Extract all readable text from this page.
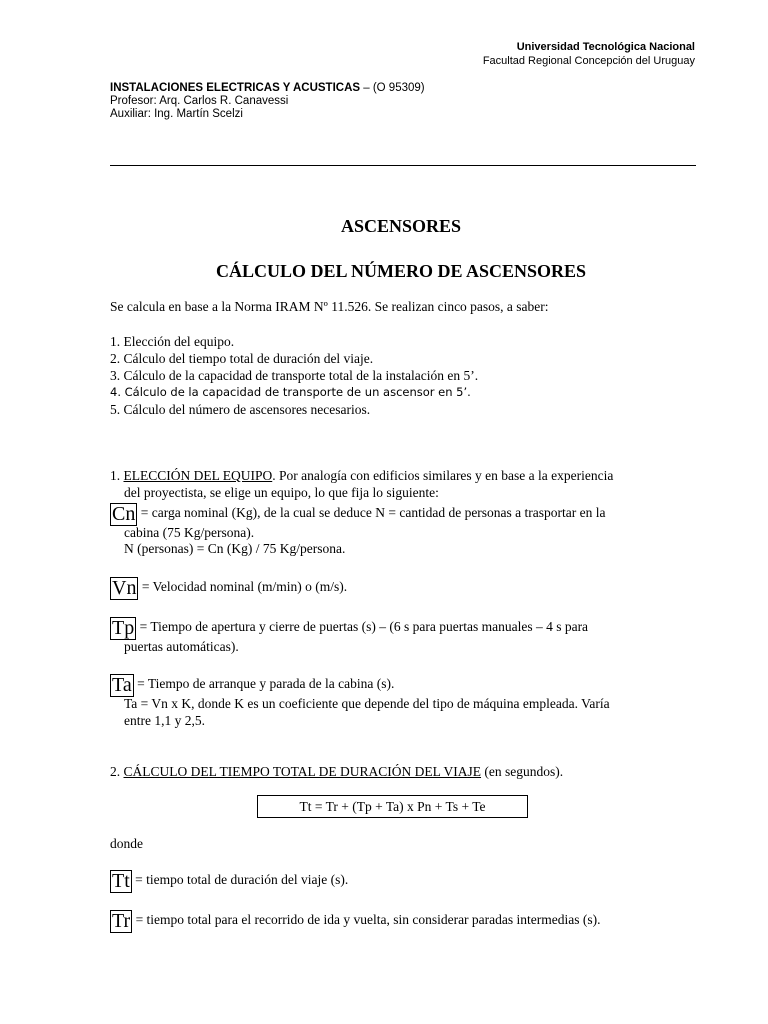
Universidad Tecnológica Nacional
Facultad Regional Concepción del Uruguay
INSTALACIONES ELECTRICAS Y ACUSTICAS – (O 95309)
Profesor: Arq. Carlos R. Canavessi
Auxiliar: Ing. Martín Scelzi
ASCENSORES
CÁLCULO DEL NÚMERO DE ASCENSORES
Se calcula en base a la Norma IRAM Nº 11.526. Se realizan cinco pasos, a saber:
1. Elección del equipo.
2. Cálculo del tiempo total de duración del viaje.
3. Cálculo de la capacidad de transporte total de la instalación en 5’.
4. Cálculo de la capacidad de transporte de un ascensor en 5’.
5. Cálculo del número de ascensores necesarios.
1. ELECCIÓN DEL EQUIPO. Por analogía con edificios similares y en base a la experiencia
del proyectista, se elige un equipo, lo que fija lo siguiente:
Cn = carga nominal (Kg), de la cual se deduce N = cantidad de personas a trasportar en la
cabina (75 Kg/persona).
N (personas) = Cn (Kg) / 75 Kg/persona.
Vn = Velocidad nominal (m/min) o (m/s).
Tp = Tiempo de apertura y cierre de puertas (s) – (6 s para puertas manuales – 4 s para
puertas automáticas).
Ta = Tiempo de arranque y parada de la cabina (s).
Ta = Vn x K, donde K es un coeficiente que depende del tipo de máquina empleada. Varía
entre 1,1 y 2,5.
2. CÁLCULO DEL TIEMPO TOTAL DE DURACIÓN DEL VIAJE (en segundos).
Tt = Tr + (Tp + Ta) x Pn + Ts + Te
donde
Tt = tiempo total de duración del viaje (s).
Tr = tiempo total para el recorrido de ida y vuelta, sin considerar paradas intermedias (s).
